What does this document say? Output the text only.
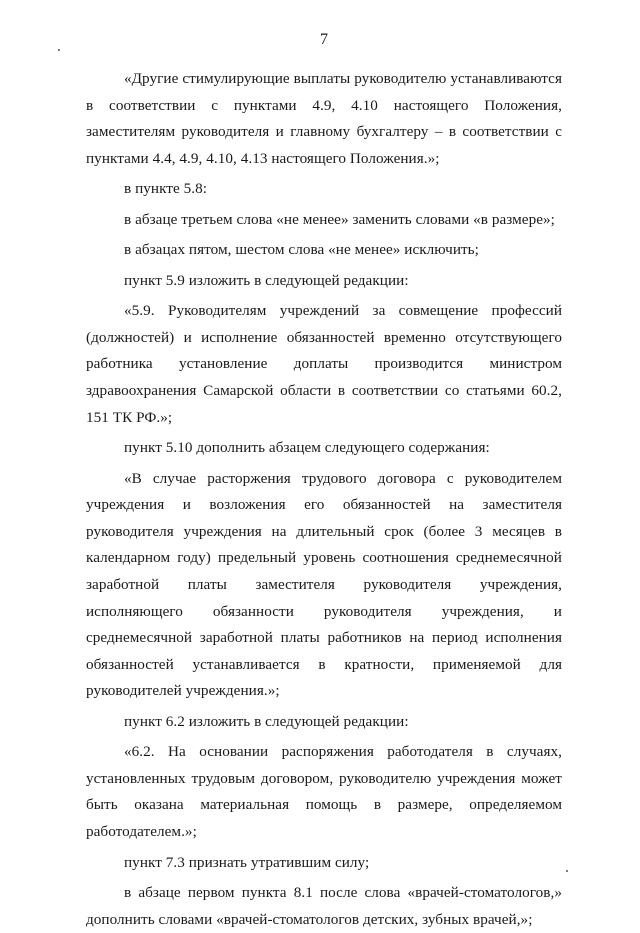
7

«Другие стимулирующие выплаты руководителю устанавливаются в соответствии с пунктами 4.9, 4.10 настоящего Положения, заместителям руководителя и главному бухгалтеру – в соответствии с пунктами 4.4, 4.9, 4.10, 4.13 настоящего Положения.»;

в пункте 5.8:

в абзаце третьем слова «не менее» заменить словами «в размере»;

в абзацах пятом, шестом слова «не менее» исключить;

пункт 5.9 изложить в следующей редакции:

«5.9. Руководителям учреждений за совмещение профессий (должностей) и исполнение обязанностей временно отсутствующего работника установление доплаты производится министром здравоохранения Самарской области в соответствии со статьями 60.2, 151 ТК РФ.»;

пункт 5.10 дополнить абзацем следующего содержания:

«В случае расторжения трудового договора с руководителем учреждения и возложения его обязанностей на заместителя руководителя учреждения на длительный срок (более 3 месяцев в календарном году) предельный уровень соотношения среднемесячной заработной платы заместителя руководителя учреждения, исполняющего обязанности руководителя учреждения, и среднемесячной заработной платы работников на период исполнения обязанностей устанавливается в кратности, применяемой для руководителей учреждения.»;

пункт 6.2 изложить в следующей редакции:

«6.2. На основании распоряжения работодателя в случаях, установленных трудовым договором, руководителю учреждения может быть оказана материальная помощь в размере, определяемом работодателем.»;

пункт 7.3 признать утратившим силу;

в абзаце первом пункта 8.1 после слова «врачей-стоматологов,» дополнить словами «врачей-стоматологов детских, зубных врачей,»;
